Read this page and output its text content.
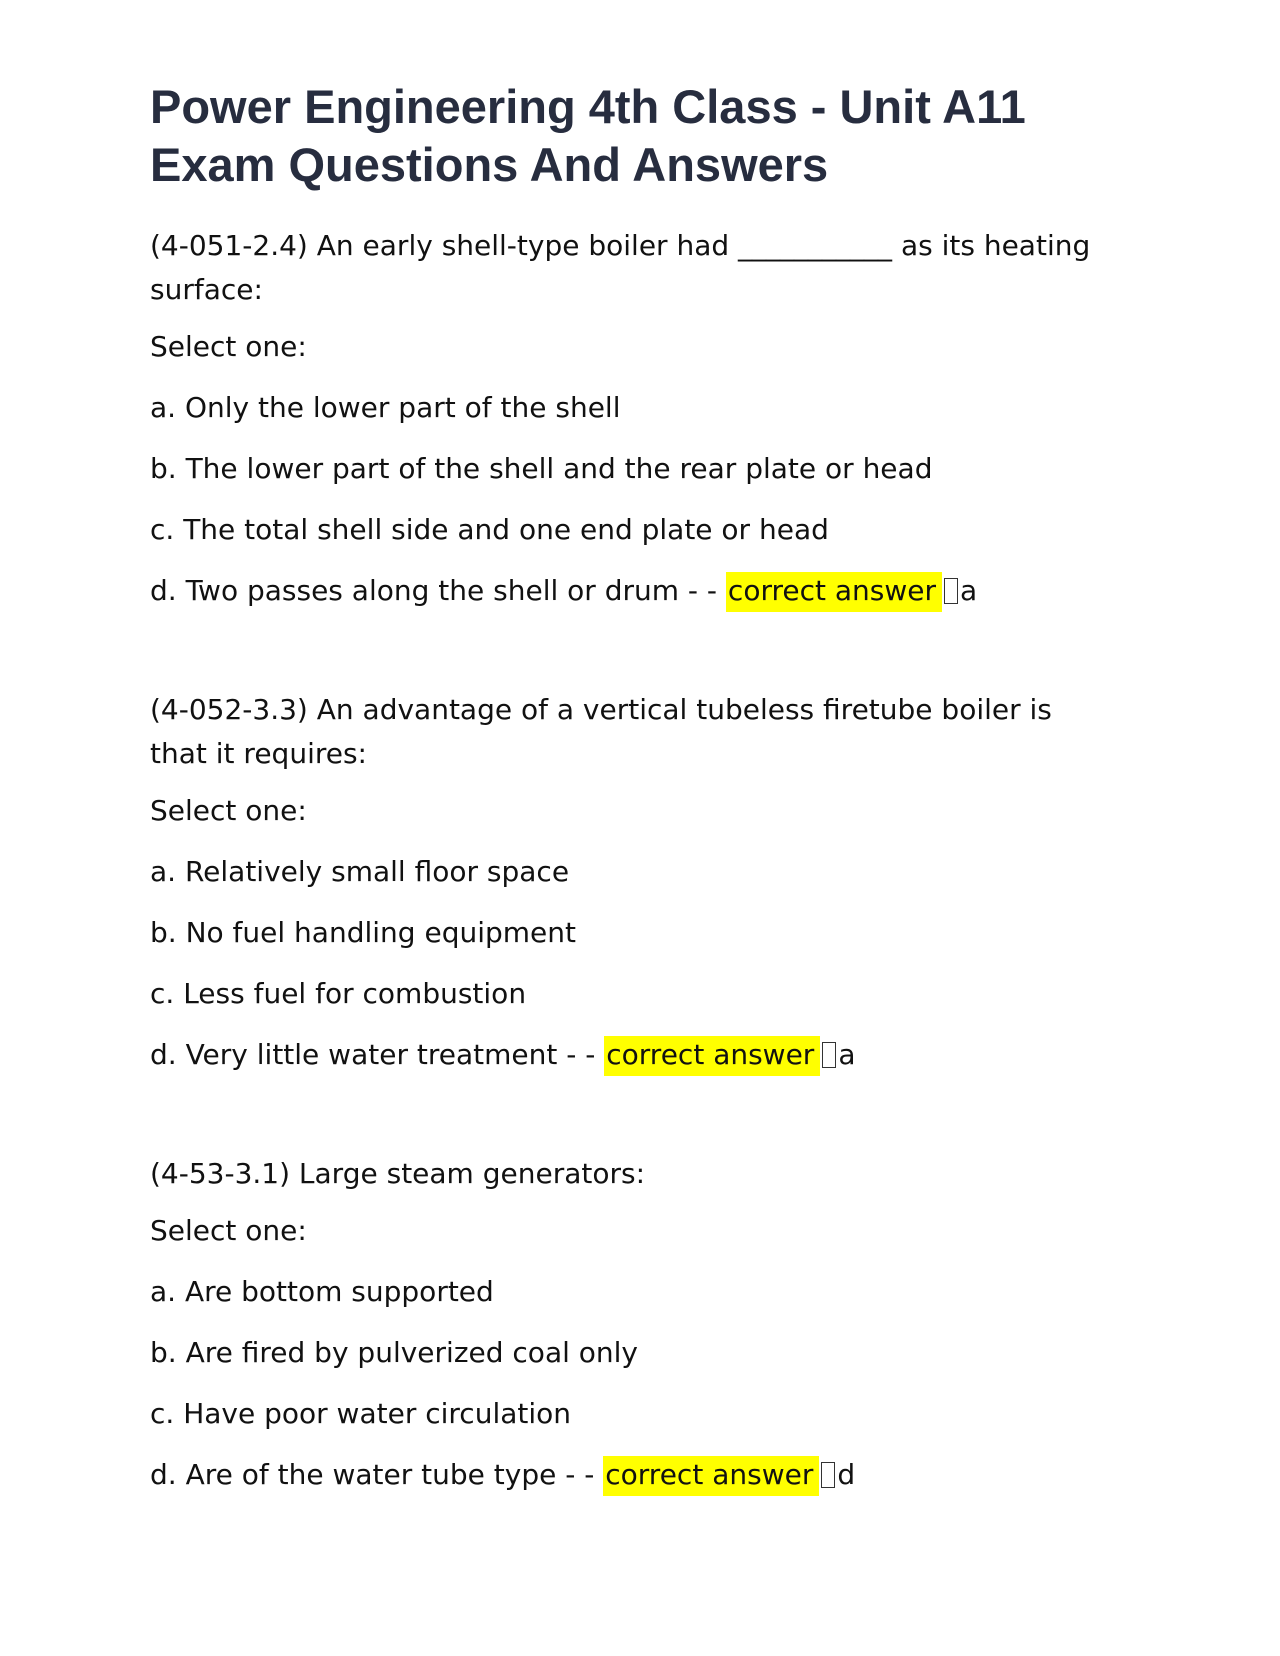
Power Engineering 4th Class - Unit A11 Exam Questions And Answers

(4-051-2.4) An early shell-type boiler had ___________ as its heating surface:

Select one:

a. Only the lower part of the shell

b. The lower part of the shell and the rear plate or head

c. The total shell side and one end plate or head

d. Two passes along the shell or drum - - correct answer a

(4-052-3.3) An advantage of a vertical tubeless firetube boiler is that it requires:

Select one:

a. Relatively small floor space

b. No fuel handling equipment

c. Less fuel for combustion

d. Very little water treatment - - correct answer a

(4-53-3.1) Large steam generators:

Select one:

a. Are bottom supported

b. Are fired by pulverized coal only

c. Have poor water circulation

d. Are of the water tube type - - correct answer d
